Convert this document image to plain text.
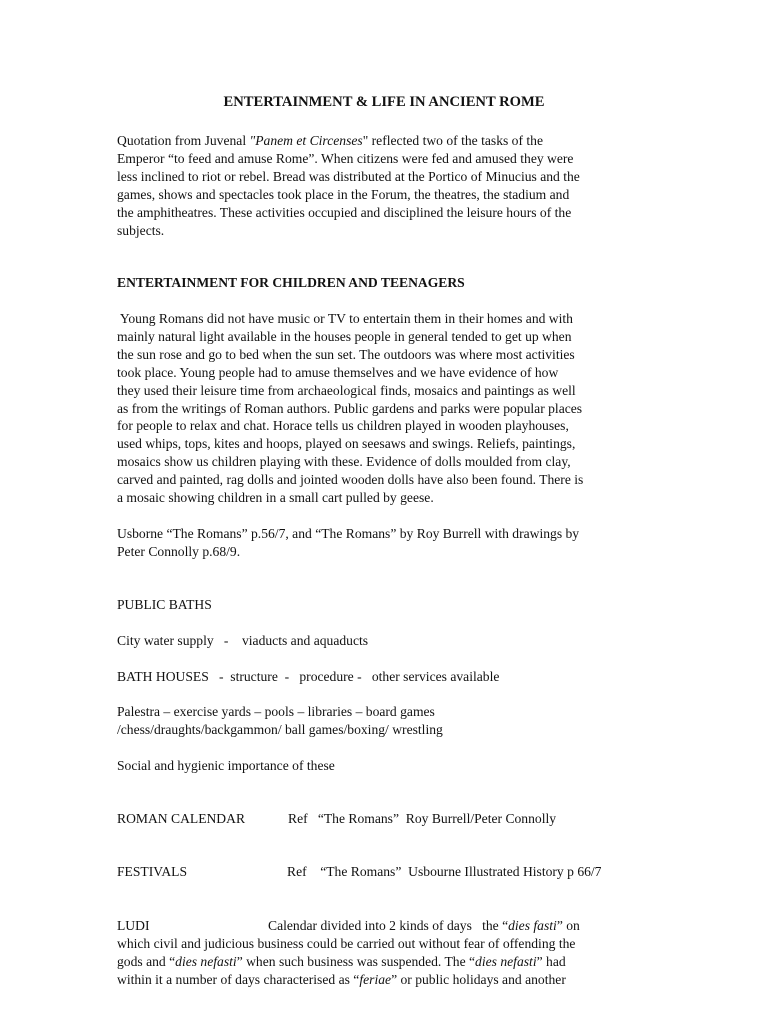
ENTERTAINMENT & LIFE IN ANCIENT ROME
Quotation from Juvenal "Panem et Circenses" reflected two of the tasks of the
Emperor “to feed and amuse Rome”. When citizens were fed and amused they were
less inclined to riot or rebel. Bread was distributed at the Portico of Minucius and the
games, shows and spectacles took place in the Forum, the theatres, the stadium and
the amphitheatres. These activities occupied and disciplined the leisure hours of the
subjects.
ENTERTAINMENT FOR CHILDREN AND TEENAGERS
Young Romans did not have music or TV to entertain them in their homes and with
mainly natural light available in the houses people in general tended to get up when
the sun rose and go to bed when the sun set. The outdoors was where most activities
took place. Young people had to amuse themselves and we have evidence of how
they used their leisure time from archaeological finds, mosaics and paintings as well
as from the writings of Roman authors. Public gardens and parks were popular places
for people to relax and chat. Horace tells us children played in wooden playhouses,
used whips, tops, kites and hoops, played on seesaws and swings. Reliefs, paintings,
mosaics show us children playing with these. Evidence of dolls moulded from clay,
carved and painted, rag dolls and jointed wooden dolls have also been found. There is
a mosaic showing children in a small cart pulled by geese.
Usborne “The Romans” p.56/7, and “The Romans” by Roy Burrell with drawings by
Peter Connolly p.68/9.
PUBLIC BATHS
City water supply   -    viaducts and aquaducts
BATH HOUSES   -  structure  -   procedure -   other services available
Palestra – exercise yards – pools – libraries – board games
/chess/draughts/backgammon/ ball games/boxing/ wrestling
Social and hygienic importance of these
ROMAN CALENDAR	Ref   “The Romans”  Roy Burrell/Peter Connolly
FESTIVALS	Ref    “The Romans”  Usbourne Illustrated History p 66/7
LUDI	Calendar divided into 2 kinds of days   the “dies fasti” on
which civil and judicious business could be carried out without fear of offending the
gods and “dies nefasti” when such business was suspended. The “dies nefasti” had
within it a number of days characterised as “feriae” or public holidays and another
